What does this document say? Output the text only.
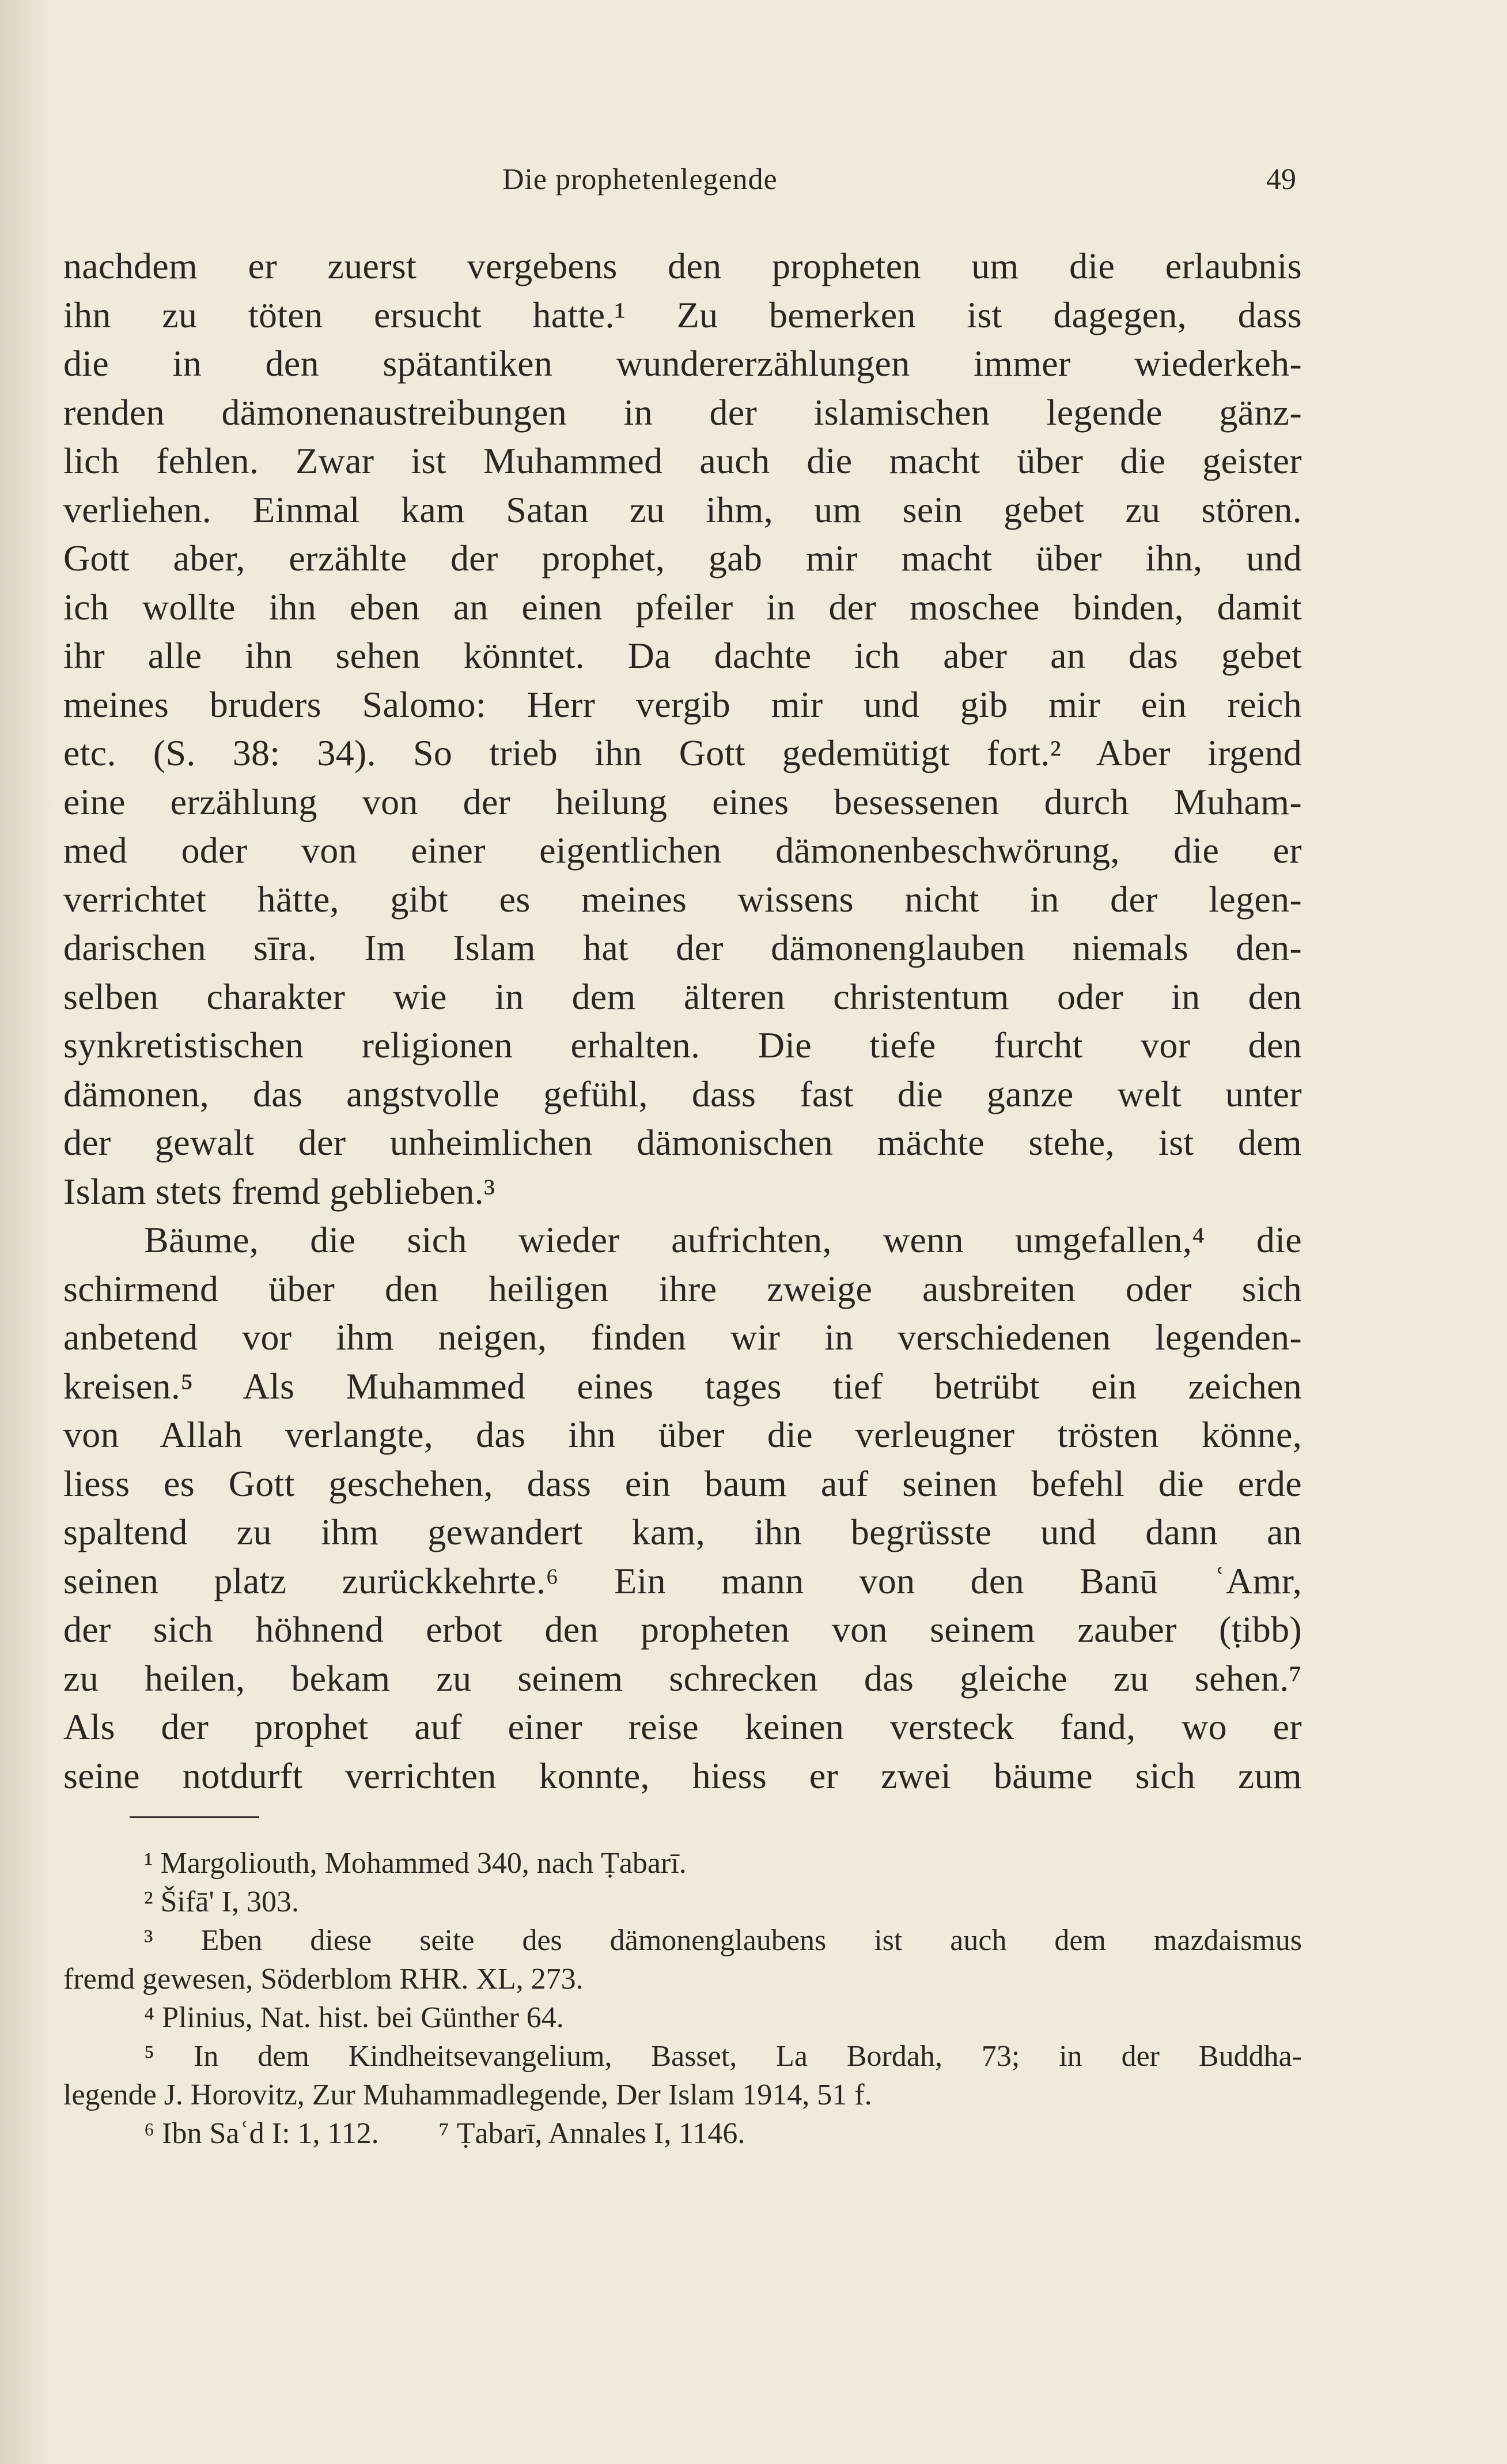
Die prophetenlegende	49
nachdem er zuerst vergebens den propheten um die erlaubnis
ihn zu töten ersucht hatte.¹ Zu bemerken ist dagegen, dass
die in den spätantiken wundererzählungen immer wiederkeh-
renden dämonenaustreibungen in der islamischen legende gänz-
lich fehlen. Zwar ist Muhammed auch die macht über die geister
verliehen. Einmal kam Satan zu ihm, um sein gebet zu stören.
Gott aber, erzählte der prophet, gab mir macht über ihn, und
ich wollte ihn eben an einen pfeiler in der moschee binden, damit
ihr alle ihn sehen könntet. Da dachte ich aber an das gebet
meines bruders Salomo: Herr vergib mir und gib mir ein reich
etc. (S. 38: 34). So trieb ihn Gott gedemütigt fort.² Aber irgend
eine erzählung von der heilung eines besessenen durch Muham-
med oder von einer eigentlichen dämonenbeschwörung, die er
verrichtet hätte, gibt es meines wissens nicht in der legen-
darischen sīra. Im Islam hat der dämonenglauben niemals den-
selben charakter wie in dem älteren christentum oder in den
synkretistischen religionen erhalten. Die tiefe furcht vor den
dämonen, das angstvolle gefühl, dass fast die ganze welt unter
der gewalt der unheimlichen dämonischen mächte stehe, ist dem
Islam stets fremd geblieben.³
Bäume, die sich wieder aufrichten, wenn umgefallen,⁴ die
schirmend über den heiligen ihre zweige ausbreiten oder sich
anbetend vor ihm neigen, finden wir in verschiedenen legenden-
kreisen.⁵ Als Muhammed eines tages tief betrübt ein zeichen
von Allah verlangte, das ihn über die verleugner trösten könne,
liess es Gott geschehen, dass ein baum auf seinen befehl die erde
spaltend zu ihm gewandert kam, ihn begrüsste und dann an
seinen platz zurückkehrte.⁶ Ein mann von den Banū ʿAmr,
der sich höhnend erbot den propheten von seinem zauber (ṭibb)
zu heilen, bekam zu seinem schrecken das gleiche zu sehen.⁷
Als der prophet auf einer reise keinen versteck fand, wo er
seine notdurft verrichten konnte, hiess er zwei bäume sich zum
¹ Margoliouth, Mohammed 340, nach Ṭabarī.
² Šifā' I, 303.
³ Eben diese seite des dämonenglaubens ist auch dem mazdaismus
fremd gewesen, Söderblom RHR. XL, 273.
⁴ Plinius, Nat. hist. bei Günther 64.
⁵ In dem Kindheitsevangelium, Basset, La Bordah, 73; in der Buddha-
legende J. Horovitz, Zur Muhammadlegende, Der Islam 1914, 51 f.
⁶ Ibn Saʿd I: 1, 112.        ⁷ Ṭabarī, Annales I, 1146.
